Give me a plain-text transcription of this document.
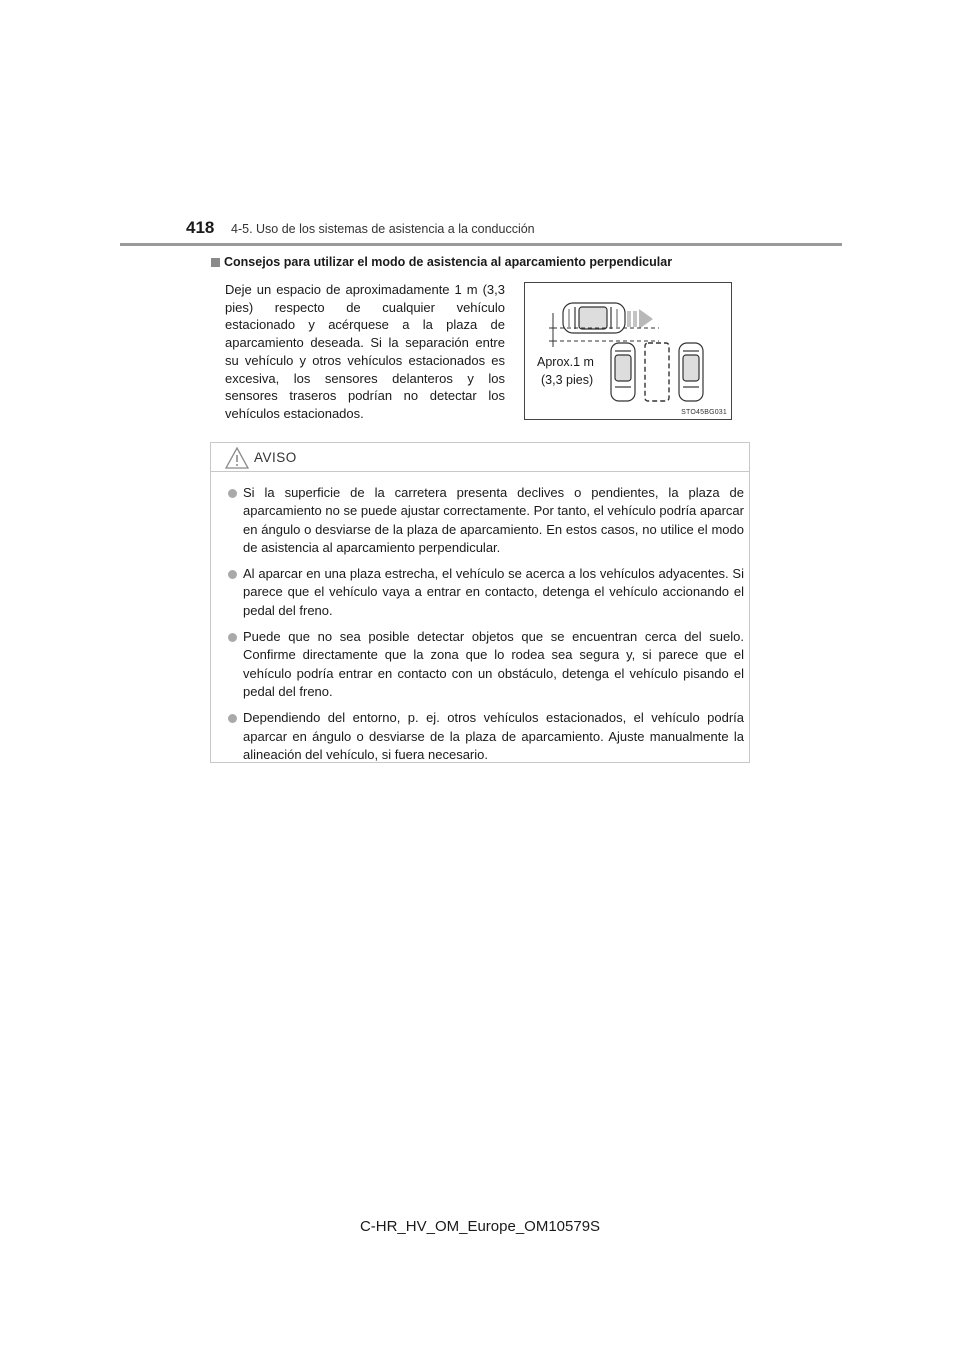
418 4-5. Uso de los sistemas de asistencia a la conducción
Consejos para utilizar el modo de asistencia al aparcamiento perpendicular
Deje un espacio de aproximadamente 1 m (3,3 pies) respecto de cualquier vehículo estacionado y acérquese a la plaza de aparcamiento deseada. Si la separación entre su vehículo y otros vehículos estacionados es excesiva, los sensores delanteros y los sensores traseros podrían no detectar los vehículos estacionados.
Aprox.1 m
(3,3 pies)
STO45BG031
AVISO
Si la superficie de la carretera presenta declives o pendientes, la plaza de aparcamiento no se puede ajustar correctamente. Por tanto, el vehículo podría aparcar en ángulo o desviarse de la plaza de aparcamiento. En estos casos, no utilice el modo de asistencia al aparcamiento perpendicular.
Al aparcar en una plaza estrecha, el vehículo se acerca a los vehículos adyacentes. Si parece que el vehículo vaya a entrar en contacto, detenga el vehículo accionando el pedal del freno.
Puede que no sea posible detectar objetos que se encuentran cerca del suelo. Confirme directamente que la zona que lo rodea sea segura y, si parece que el vehículo podría entrar en contacto con un obstáculo, detenga el vehículo pisando el pedal del freno.
Dependiendo del entorno, p. ej. otros vehículos estacionados, el vehículo podría aparcar en ángulo o desviarse de la plaza de aparcamiento. Ajuste manualmente la alineación del vehículo, si fuera necesario.
C-HR_HV_OM_Europe_OM10579S
